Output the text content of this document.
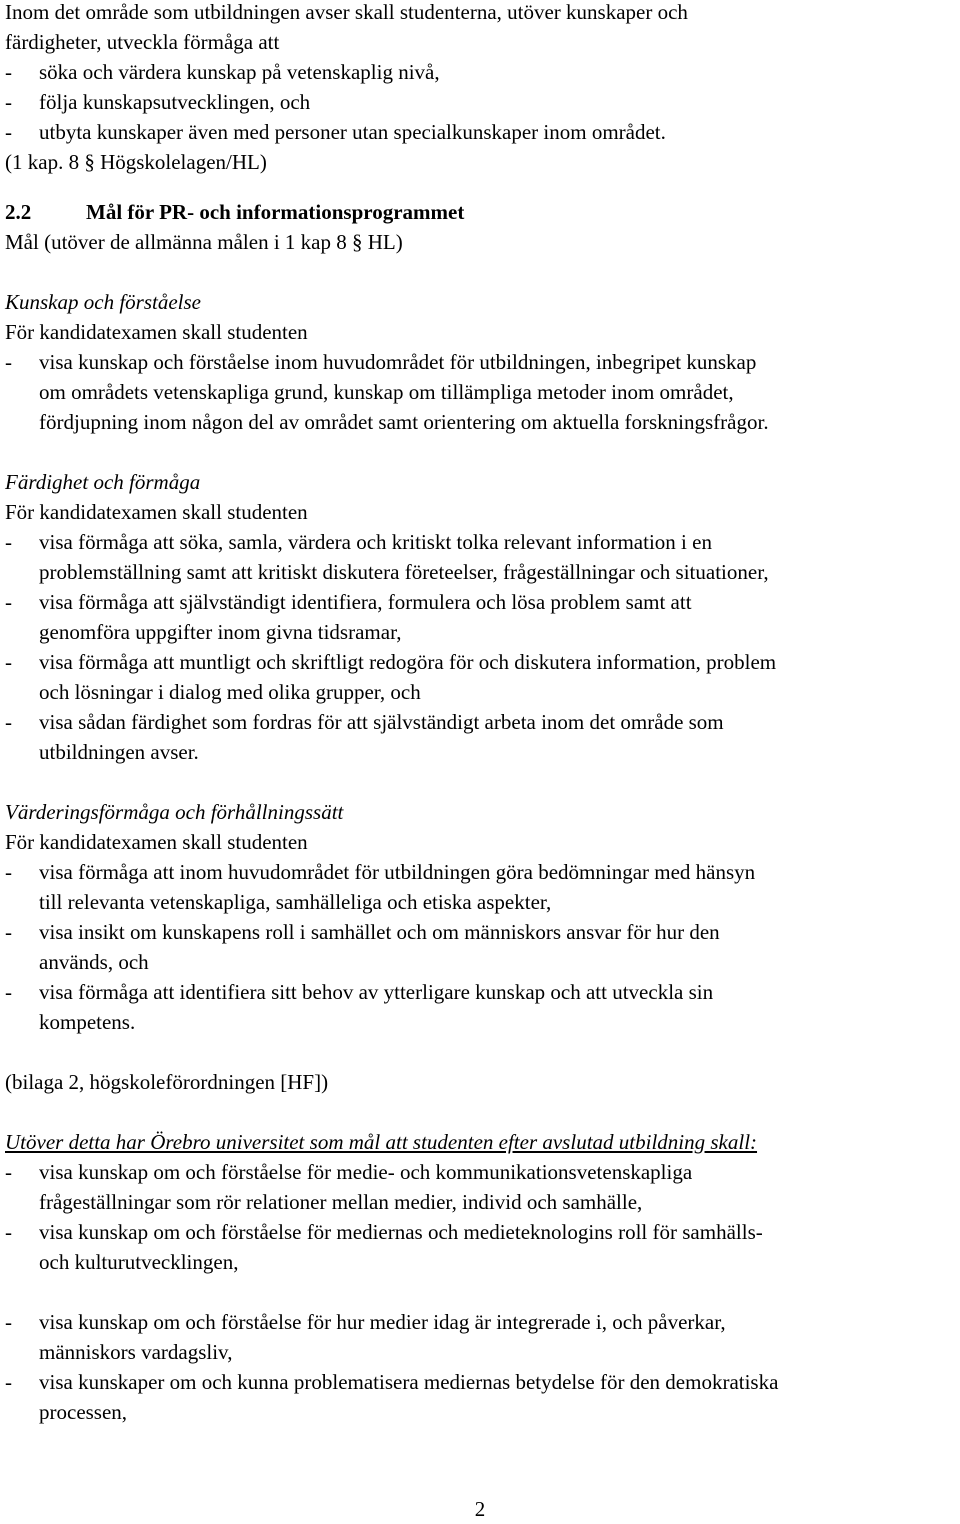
Inom det område som utbildningen avser skall studenterna, utöver kunskaper och
färdigheter, utveckla förmåga att
- söka och värdera kunskap på vetenskaplig nivå,
- följa kunskapsutvecklingen, och
- utbyta kunskaper även med personer utan specialkunskaper inom området.
(1 kap. 8 § Högskolelagen/HL)
2.2	Mål för PR- och informationsprogrammet
Mål (utöver de allmänna målen i 1 kap 8 § HL)
Kunskap och förståelse
För kandidatexamen skall studenten
- visa kunskap och förståelse inom huvudområdet för utbildningen, inbegripet kunskap
om områdets vetenskapliga grund, kunskap om tillämpliga metoder inom området,
fördjupning inom någon del av området samt orientering om aktuella forskningsfrågor.
Färdighet och förmåga
För kandidatexamen skall studenten
- visa förmåga att söka, samla, värdera och kritiskt tolka relevant information i en
problemställning samt att kritiskt diskutera företeelser, frågeställningar och situationer,
- visa förmåga att självständigt identifiera, formulera och lösa problem samt att
genomföra uppgifter inom givna tidsramar,
- visa förmåga att muntligt och skriftligt redogöra för och diskutera information, problem
och lösningar i dialog med olika grupper, och
- visa sådan färdighet som fordras för att självständigt arbeta inom det område som
utbildningen avser.
Värderingsförmåga och förhållningssätt
För kandidatexamen skall studenten
- visa förmåga att inom huvudområdet för utbildningen göra bedömningar med hänsyn
till relevanta vetenskapliga, samhälleliga och etiska aspekter,
- visa insikt om kunskapens roll i samhället och om människors ansvar för hur den
används, och
- visa förmåga att identifiera sitt behov av ytterligare kunskap och att utveckla sin
kompetens.
(bilaga 2, högskoleförordningen [HF])
Utöver detta har Örebro universitet som mål att studenten efter avslutad utbildning skall:
- visa kunskap om och förståelse för medie- och kommunikationsvetenskapliga
frågeställningar som rör relationer mellan medier, individ och samhälle,
- visa kunskap om och förståelse för mediernas och medieteknologins roll för samhälls-
och kulturutvecklingen,
- visa kunskap om och förståelse för hur medier idag är integrerade i, och påverkar,
människors vardagsliv,
- visa kunskaper om och kunna problematisera mediernas betydelse för den demokratiska
processen,
2
